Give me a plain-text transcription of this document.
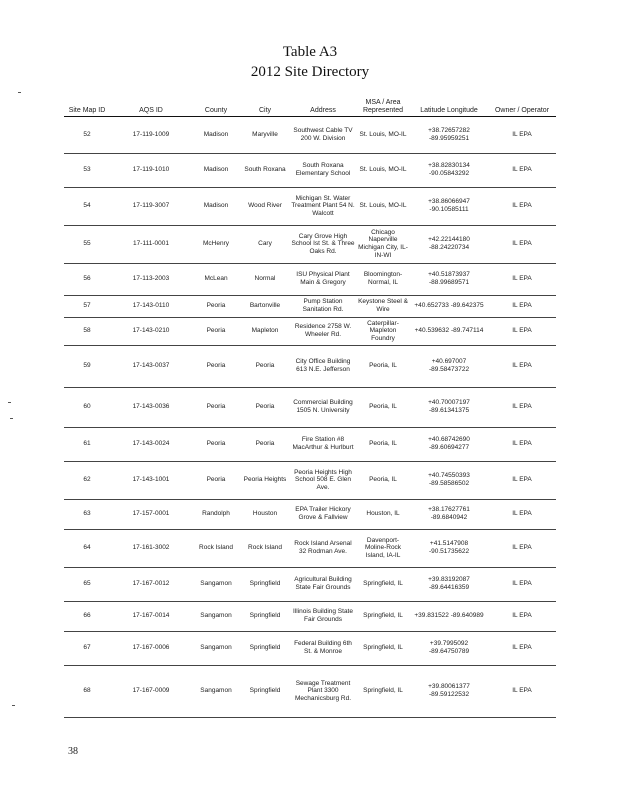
Table A3
2012 Site Directory
Site Map ID	AQS ID	County	City	Address	MSA / Area Represented	Latitude Longitude	Owner / Operator
52	17-119-1009	Madison	Maryville	Southwest Cable TV 200 W. Division	St. Louis, MO-IL	+38.72657282 -89.95959251	IL EPA
53	17-119-1010	Madison	South Roxana	South Roxana Elementary School	St. Louis, MO-IL	+38.82830134 -90.05843292	IL EPA
54	17-119-3007	Madison	Wood River	Michigan St. Water Treatment Plant 54 N. Walcott	St. Louis, MO-IL	+38.86066947 -90.10585111	IL EPA
55	17-111-0001	McHenry	Cary	Cary Grove High School Ist St. & Three Oaks Rd.	Chicago Naperville Michigan City, IL-IN-WI	+42.22144180 -88.24220734	IL EPA
56	17-113-2003	McLean	Normal	ISU Physical Plant Main & Gregory	Bloomington-Normal, IL	+40.51873937 -88.99689571	IL EPA
57	17-143-0110	Peoria	Bartonville	Pump Station Sanitation Rd.	Keystone Steel & Wire	+40.652733 -89.642375	IL EPA
58	17-143-0210	Peoria	Mapleton	Residence 2758 W. Wheeler Rd.	Caterpillar-Mapleton Foundry	+40.539632 -89.747114	IL EPA
59	17-143-0037	Peoria	Peoria	City Office Building 613 N.E. Jefferson	Peoria, IL	+40.697007 -89.58473722	IL EPA
60	17-143-0036	Peoria	Peoria	Commercial Building 1505 N. University	Peoria, IL	+40.70007197 -89.61341375	IL EPA
61	17-143-0024	Peoria	Peoria	Fire Station #8 MacArthur & Hurlburt	Peoria, IL	+40.68742690 -89.60694277	IL EPA
62	17-143-1001	Peoria	Peoria Heights	Peoria Heights High School 508 E. Glen Ave.	Peoria, IL	+40.74550393 -89.58586502	IL EPA
63	17-157-0001	Randolph	Houston	EPA Trailer Hickory Grove & Fallview	Houston, IL	+38.17627761 -89.6840942	IL EPA
64	17-161-3002	Rock Island	Rock Island	Rock Island Arsenal 32 Rodman Ave.	Davenport-Moline-Rock Island, IA-IL	+41.5147908 -90.51735622	IL EPA
65	17-167-0012	Sangamon	Springfield	Agricultural Building State Fair Grounds	Springfield, IL	+39.83192087 -89.64416359	IL EPA
66	17-167-0014	Sangamon	Springfield	Illinois Building State Fair Grounds	Springfield, IL	+39.831522 -89.640989	IL EPA
67	17-167-0006	Sangamon	Springfield	Federal Building 6th St. & Monroe	Springfield, IL	+39.7995092 -89.64750789	IL EPA
68	17-167-0009	Sangamon	Springfield	Sewage Treatment Plant 3300 Mechanicsburg Rd.	Springfield, IL	+39.80061377 -89.59122532	IL EPA
38
